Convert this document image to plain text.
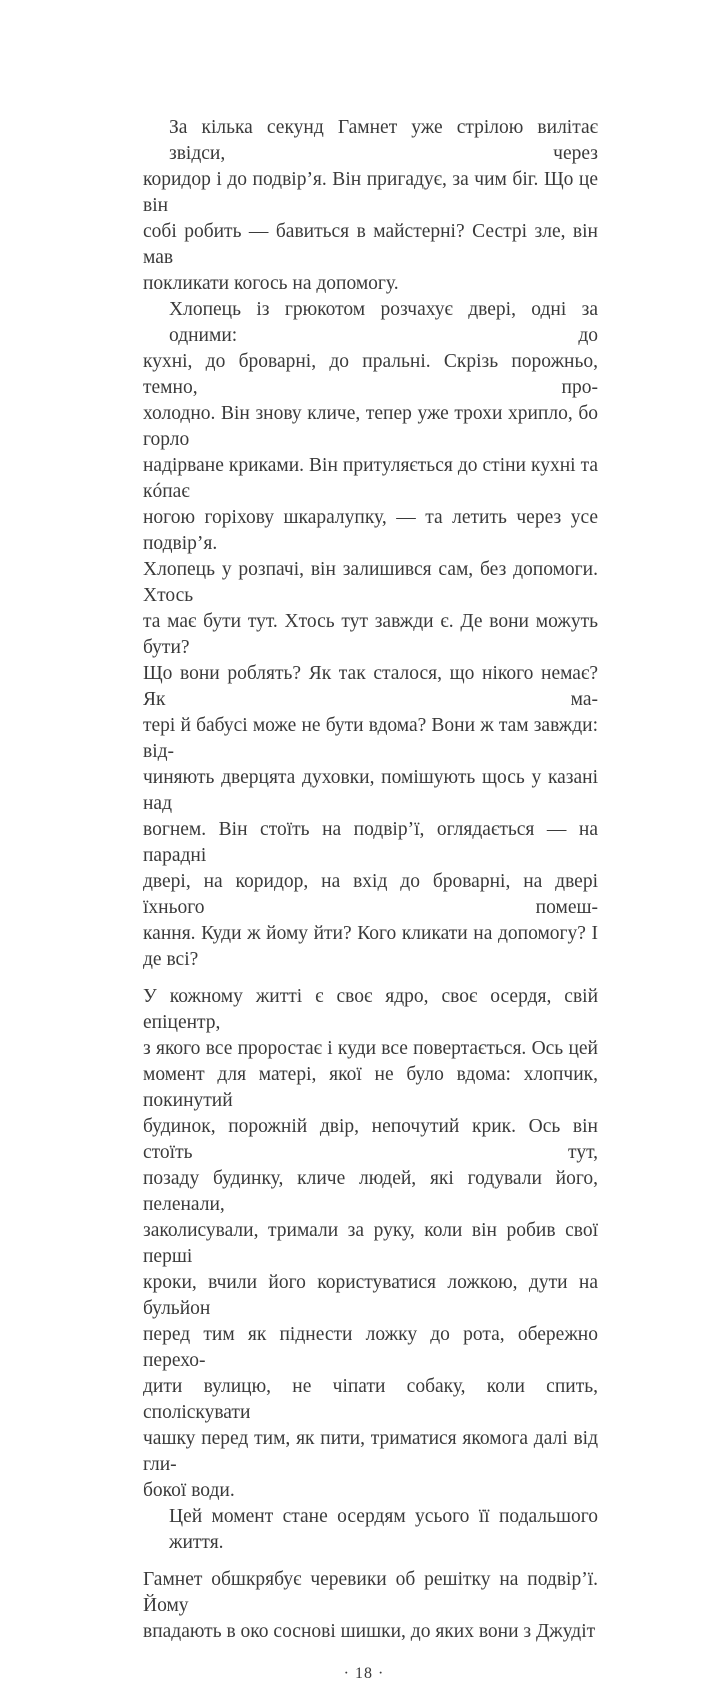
За кілька секунд Гамнет уже стрілою вилітає звідси, через
коридор і до подвір’я. Він пригадує, за чим біг. Що це він
собі робить — бавиться в майстерні? Сестрі зле, він мав
покликати когось на допомогу.
Хлопець із грюкотом розчахує двері, одні за одними: до
кухні, до броварні, до пральні. Скрізь порожньо, темно, про-
холодно. Він знову кличе, тепер уже трохи хрипло, бо горло
надірване криками. Він притуляється до стіни кухні та кóпає
ногою горіхову шкаралупку, — та летить через усе подвір’я.
Хлопець у розпачі, він залишився сам, без допомоги. Хтось
та має бути тут. Хтось тут завжди є. Де вони можуть бути?
Що вони роблять? Як так сталося, що нікого немає? Як ма-
тері й бабусі може не бути вдома? Вони ж там завжди: від-
чиняють дверцята духовки, помішують щось у казані над
вогнем. Він стоїть на подвір’ї, оглядається — на парадні
двері, на коридор, на вхід до броварні, на двері їхнього помеш-
кання. Куди ж йому йти? Кого кликати на допомогу? І де всі?
У кожному житті є своє ядро, своє осердя, свій епіцентр,
з якого все проростає і куди все повертається. Ось цей
момент для матері, якої не було вдома: хлопчик, покинутий
будинок, порожній двір, непочутий крик. Ось він стоїть тут,
позаду будинку, кличе людей, які годували його, пеленали,
заколисували, тримали за руку, коли він робив свої перші
кроки, вчили його користуватися ложкою, дути на бульйон
перед тим як піднести ложку до рота, обережно перехо-
дити вулицю, не чіпати собаку, коли спить, споліскувати
чашку перед тим, як пити, триматися якомога далі від гли-
бокої води.
Цей момент стане осердям усього її подальшого життя.
Гамнет обшкрябує черевики об решітку на подвір’ї. Йому
впадають в око соснові шишки, до яких вони з Джудіт
· 18 ·
